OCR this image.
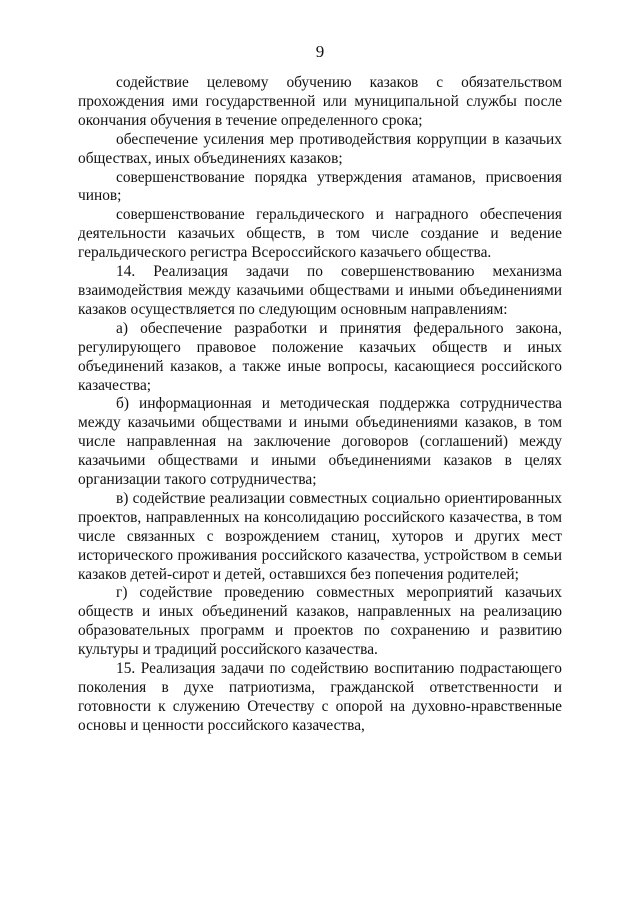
9

содействие целевому обучению казаков с обязательством прохождения ими государственной или муниципальной службы после окончания обучения в течение определенного срока;

обеспечение усиления мер противодействия коррупции в казачьих обществах, иных объединениях казаков;

совершенствование порядка утверждения атаманов, присвоения чинов;

совершенствование геральдического и наградного обеспечения деятельности казачьих обществ, в том числе создание и ведение геральдического регистра Всероссийского казачьего общества.

14. Реализация задачи по совершенствованию механизма взаимодействия между казачьими обществами и иными объединениями казаков осуществляется по следующим основным направлениям:

а) обеспечение разработки и принятия федерального закона, регулирующего правовое положение казачьих обществ и иных объединений казаков, а также иные вопросы, касающиеся российского казачества;

б) информационная и методическая поддержка сотрудничества между казачьими обществами и иными объединениями казаков, в том числе направленная на заключение договоров (соглашений) между казачьими обществами и иными объединениями казаков в целях организации такого сотрудничества;

в) содействие реализации совместных социально ориентированных проектов, направленных на консолидацию российского казачества, в том числе связанных с возрождением станиц, хуторов и других мест исторического проживания российского казачества, устройством в семьи казаков детей-сирот и детей, оставшихся без попечения родителей;

г) содействие проведению совместных мероприятий казачьих обществ и иных объединений казаков, направленных на реализацию образовательных программ и проектов по сохранению и развитию культуры и традиций российского казачества.

15. Реализация задачи по содействию воспитанию подрастающего поколения в духе патриотизма, гражданской ответственности и готовности к служению Отечеству с опорой на духовно-нравственные основы и ценности российского казачества,
